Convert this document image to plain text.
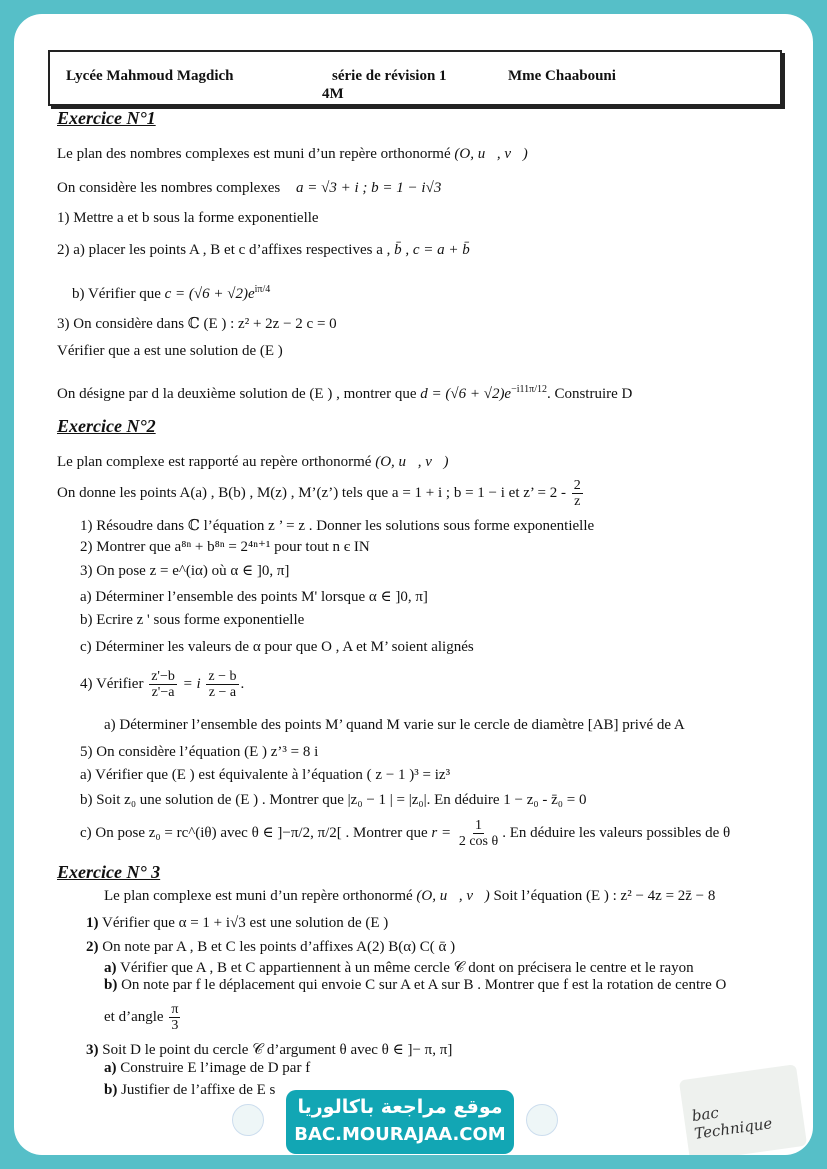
Lycée Mahmoud Magdich	série de révision 1	Mme Chaabouni
4M
Exercice N°1
Le plan des nombres complexes est muni d’un repère orthonormé (O, u⃗, v⃗)
On considère les nombres complexes a = √3 + i ; b = 1 − i√3
1) Mettre a et b sous la forme exponentielle
2) a) placer les points A , B et c d’affixes respectives a , b̄ , c = a + b̄
b) Vérifier que $c = (√6 + √2)e^{i\pi/4}$
3) On considère dans ℂ (E ) : z² + 2z − 2 c = 0
Vérifier que a est une solution de (E )
On désigne par d la deuxième solution de (E ) , montrer que $d = (√6 + √2)e^{-i11\pi/12}$. Construire D
Exercice N°2
Le plan complexe est rapporté au repère orthonormé (O, u⃗, v⃗)
On donne les points A(a) , B(b) , M(z) , M’(z’) tels que a = 1 + i ; b = 1 − i et z’ = $2 - \frac{2}{z}$
1) Résoudre dans ℂ l’équation z ’ = z . Donner les solutions sous forme exponentielle
2) Montrer que a⁸ⁿ + b⁸ⁿ = 2⁴ⁿ⁺¹ pour tout n є IN
3) On pose z = e^(iα) où α ∈ ]0, π]
a) Déterminer l’ensemble des points M' lorsque α ∈ ]0, π]
b) Ecrire z ' sous forme exponentielle
c) Déterminer les valeurs de α pour que O , A et M’ soient alignés
4) Vérifier $\frac{z'-b}{z'-a} = i \frac{z - b}{z - a}$ .
a) Déterminer l’ensemble des points M’ quand M varie sur le cercle de diamètre [AB] privé de A
5) On considère l’équation (E ) z’³ = 8 i
a) Vérifier que (E ) est équivalente à l’équation ( z − 1 )³ = iz³
b) Soit z₀ une solution de (E ) . Montrer que |z₀ − 1 | = |z₀|. En déduire 1 − z₀ - z̄₀ = 0
c) On pose z₀ = rc^(iθ) avec θ ∈ ]−π/2, π/2[ . Montrer que $r = \frac{1}{\text{2 cos θ}}$ . En déduire les valeurs possibles de θ
Exercice N° 3
Le plan complexe est muni d’un repère orthonormé (O, u⃗, v⃗) Soit l’équation (E ) : z² − 4z = 2z̄ − 8
1) Vérifier que α = 1 + i√3 est une solution de (E )
2) On note par A , B et C les points d’affixes A(2) B(α) C( ᾱ )
a) Vérifier que A , B et C appartiennent à un même cercle 𝒞 dont on précisera le centre et le rayon
b) On note par f le déplacement qui envoie C sur A et A sur B . Montrer que f est la rotation de centre O
et d’angle $\frac{\pi}{3}$
3) Soit D le point du cercle 𝒞 d’argument θ avec θ ∈ ]− π, π]
a) Construire E l’image de D par f
b) Justifier de l’affixe de E s
موقع مراجعة باكالوريا
BAC.MOURAJAA.COM
bac Technique
